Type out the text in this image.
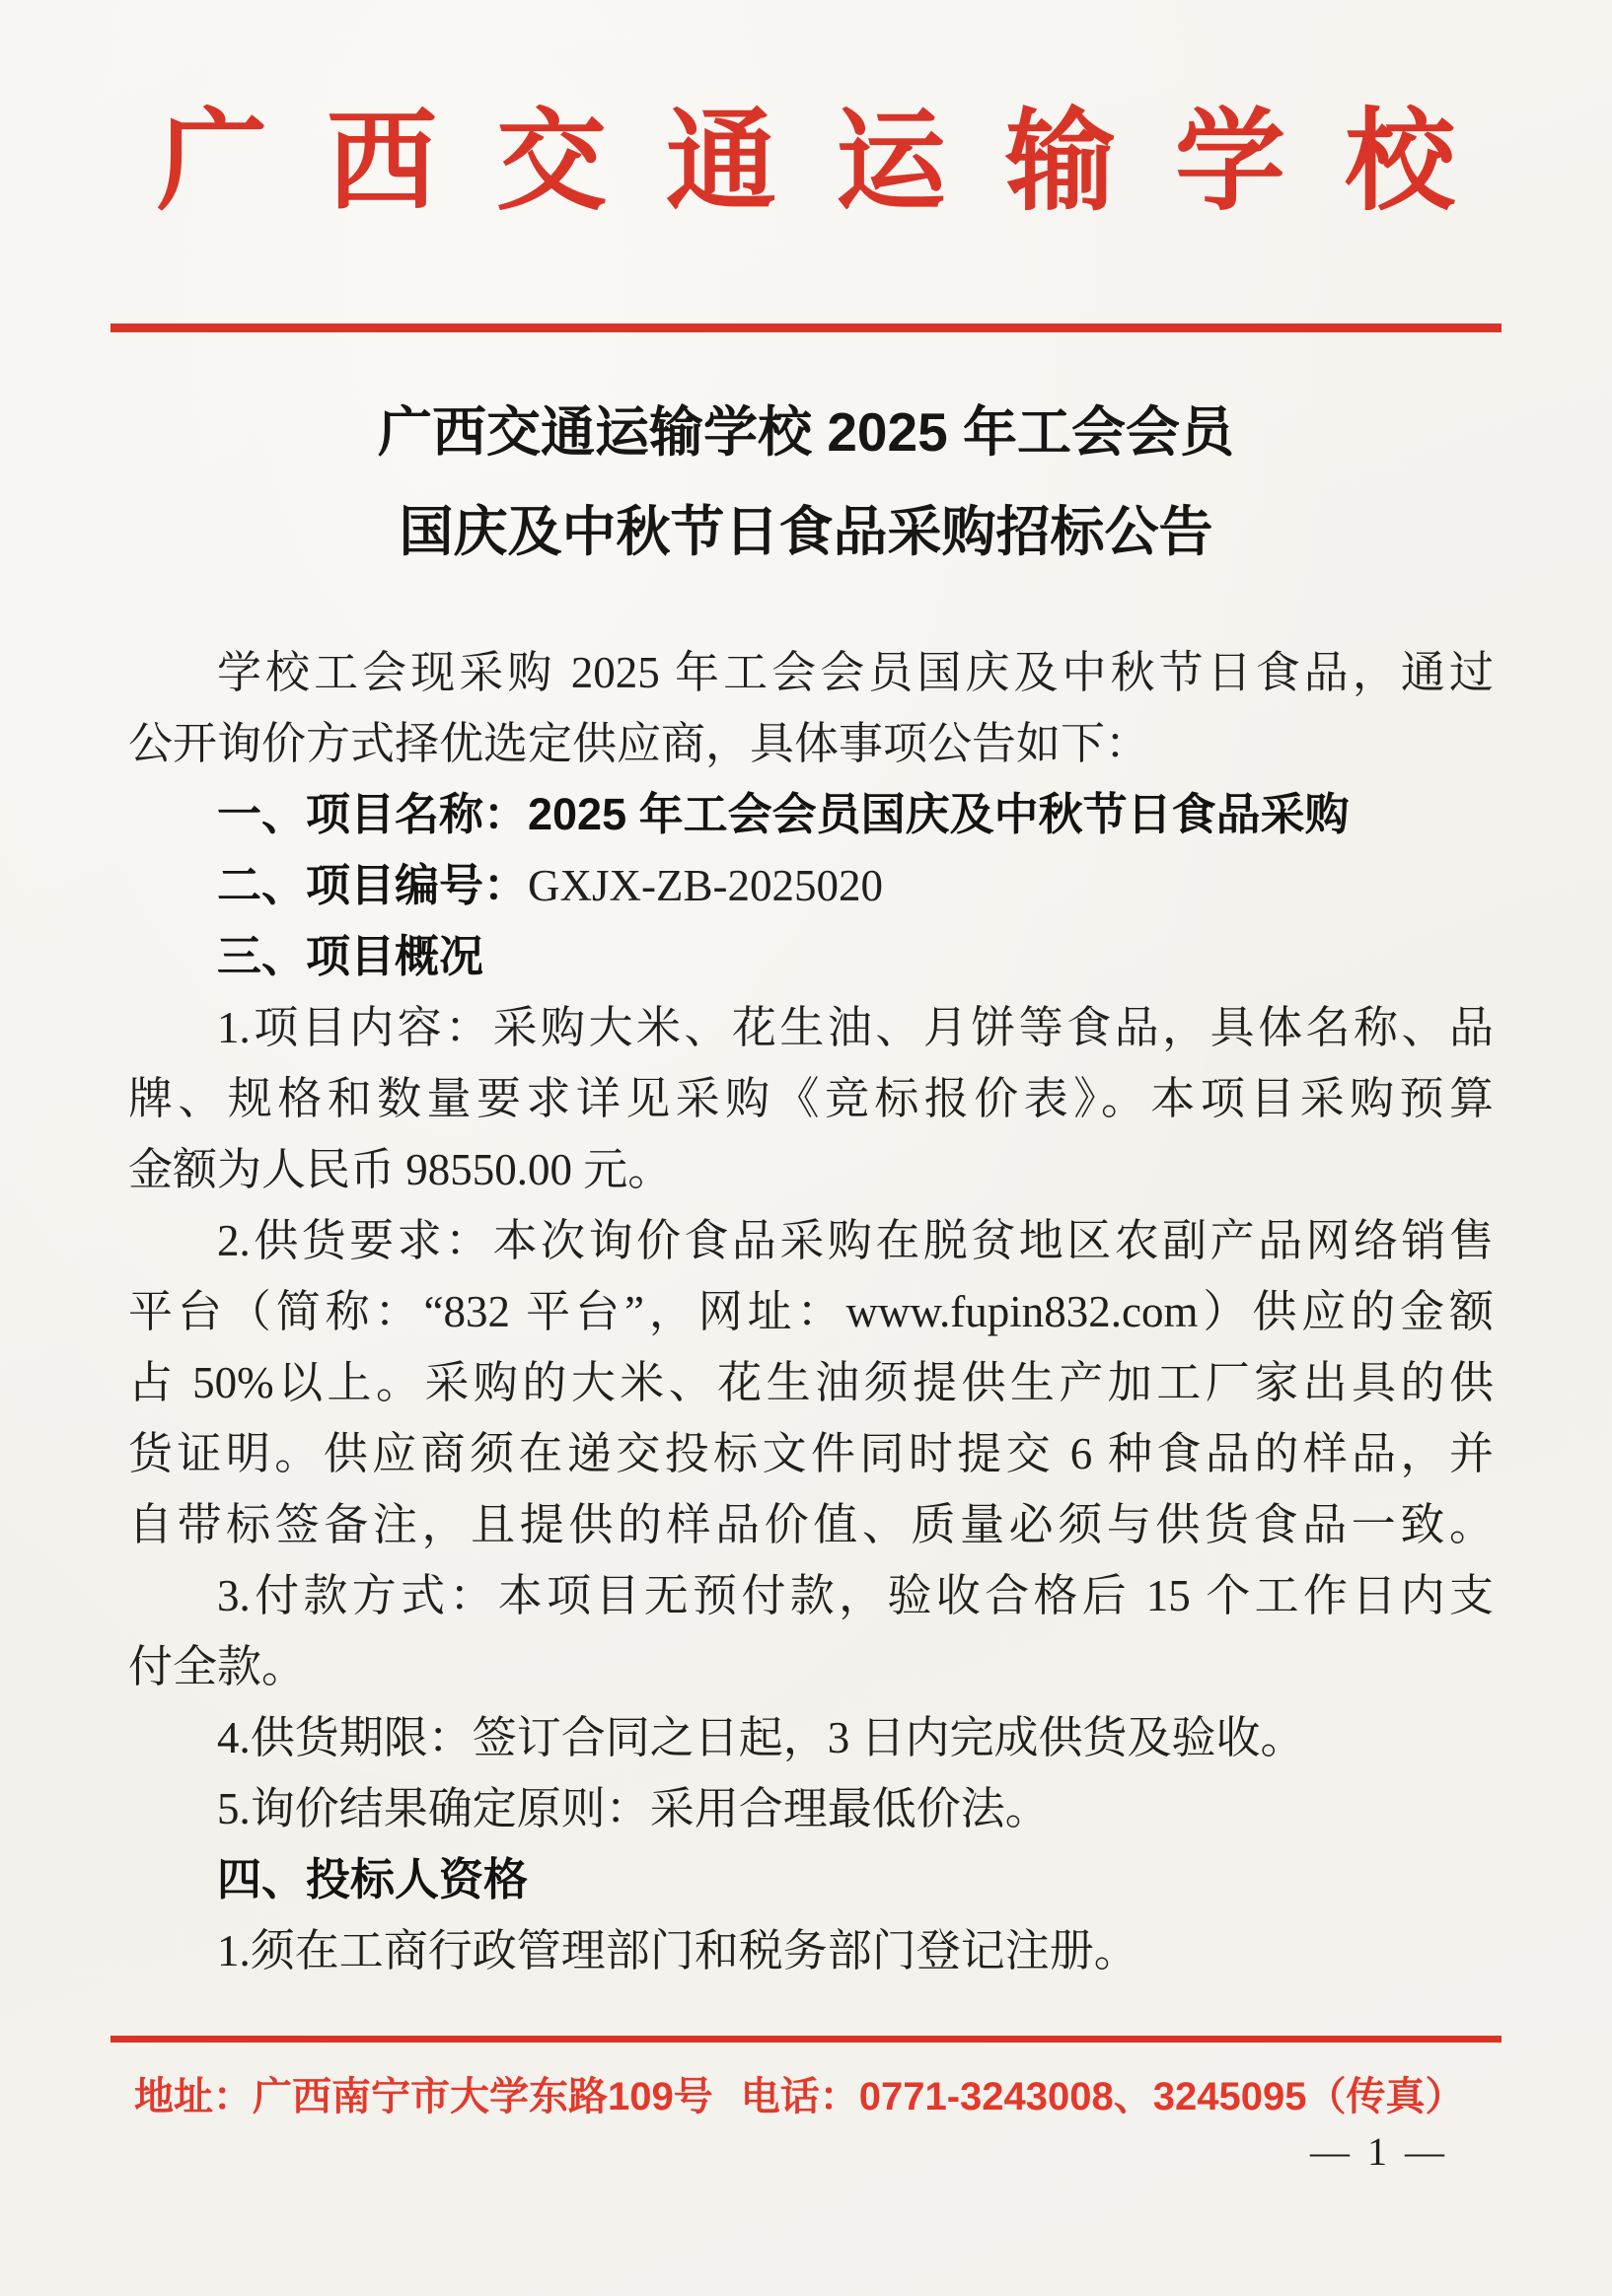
广西交通运输学校
广西交通运输学校 2025 年工会会员
国庆及中秋节日食品采购招标公告
学校工会现采购 2025 年工会会员国庆及中秋节日食品，通过
公开询价方式择优选定供应商，具体事项公告如下：
一、项目名称：2025 年工会会员国庆及中秋节日食品采购
二、项目编号：GXJX-ZB-2025020
三、项目概况
1.项目内容：采购大米、花生油、月饼等食品，具体名称、品
牌、规格和数量要求详见采购《竞标报价表》。本项目采购预算
金额为人民币 98550.00 元。
2.供货要求：本次询价食品采购在脱贫地区农副产品网络销售
平台（简称：“832 平台”，网址：www.fupin832.com）供应的金额
占 50%以上。采购的大米、花生油须提供生产加工厂家出具的供
货证明。供应商须在递交投标文件同时提交 6 种食品的样品，并
自带标签备注，且提供的样品价值、质量必须与供货食品一致。
3.付款方式：本项目无预付款，验收合格后 15 个工作日内支
付全款。
4.供货期限：签订合同之日起，3 日内完成供货及验收。
5.询价结果确定原则：采用合理最低价法。
四、投标人资格
1.须在工商行政管理部门和税务部门登记注册。
地址：广西南宁市大学东路109号 电话：0771-3243008、3245095（传真）
— 1 —
